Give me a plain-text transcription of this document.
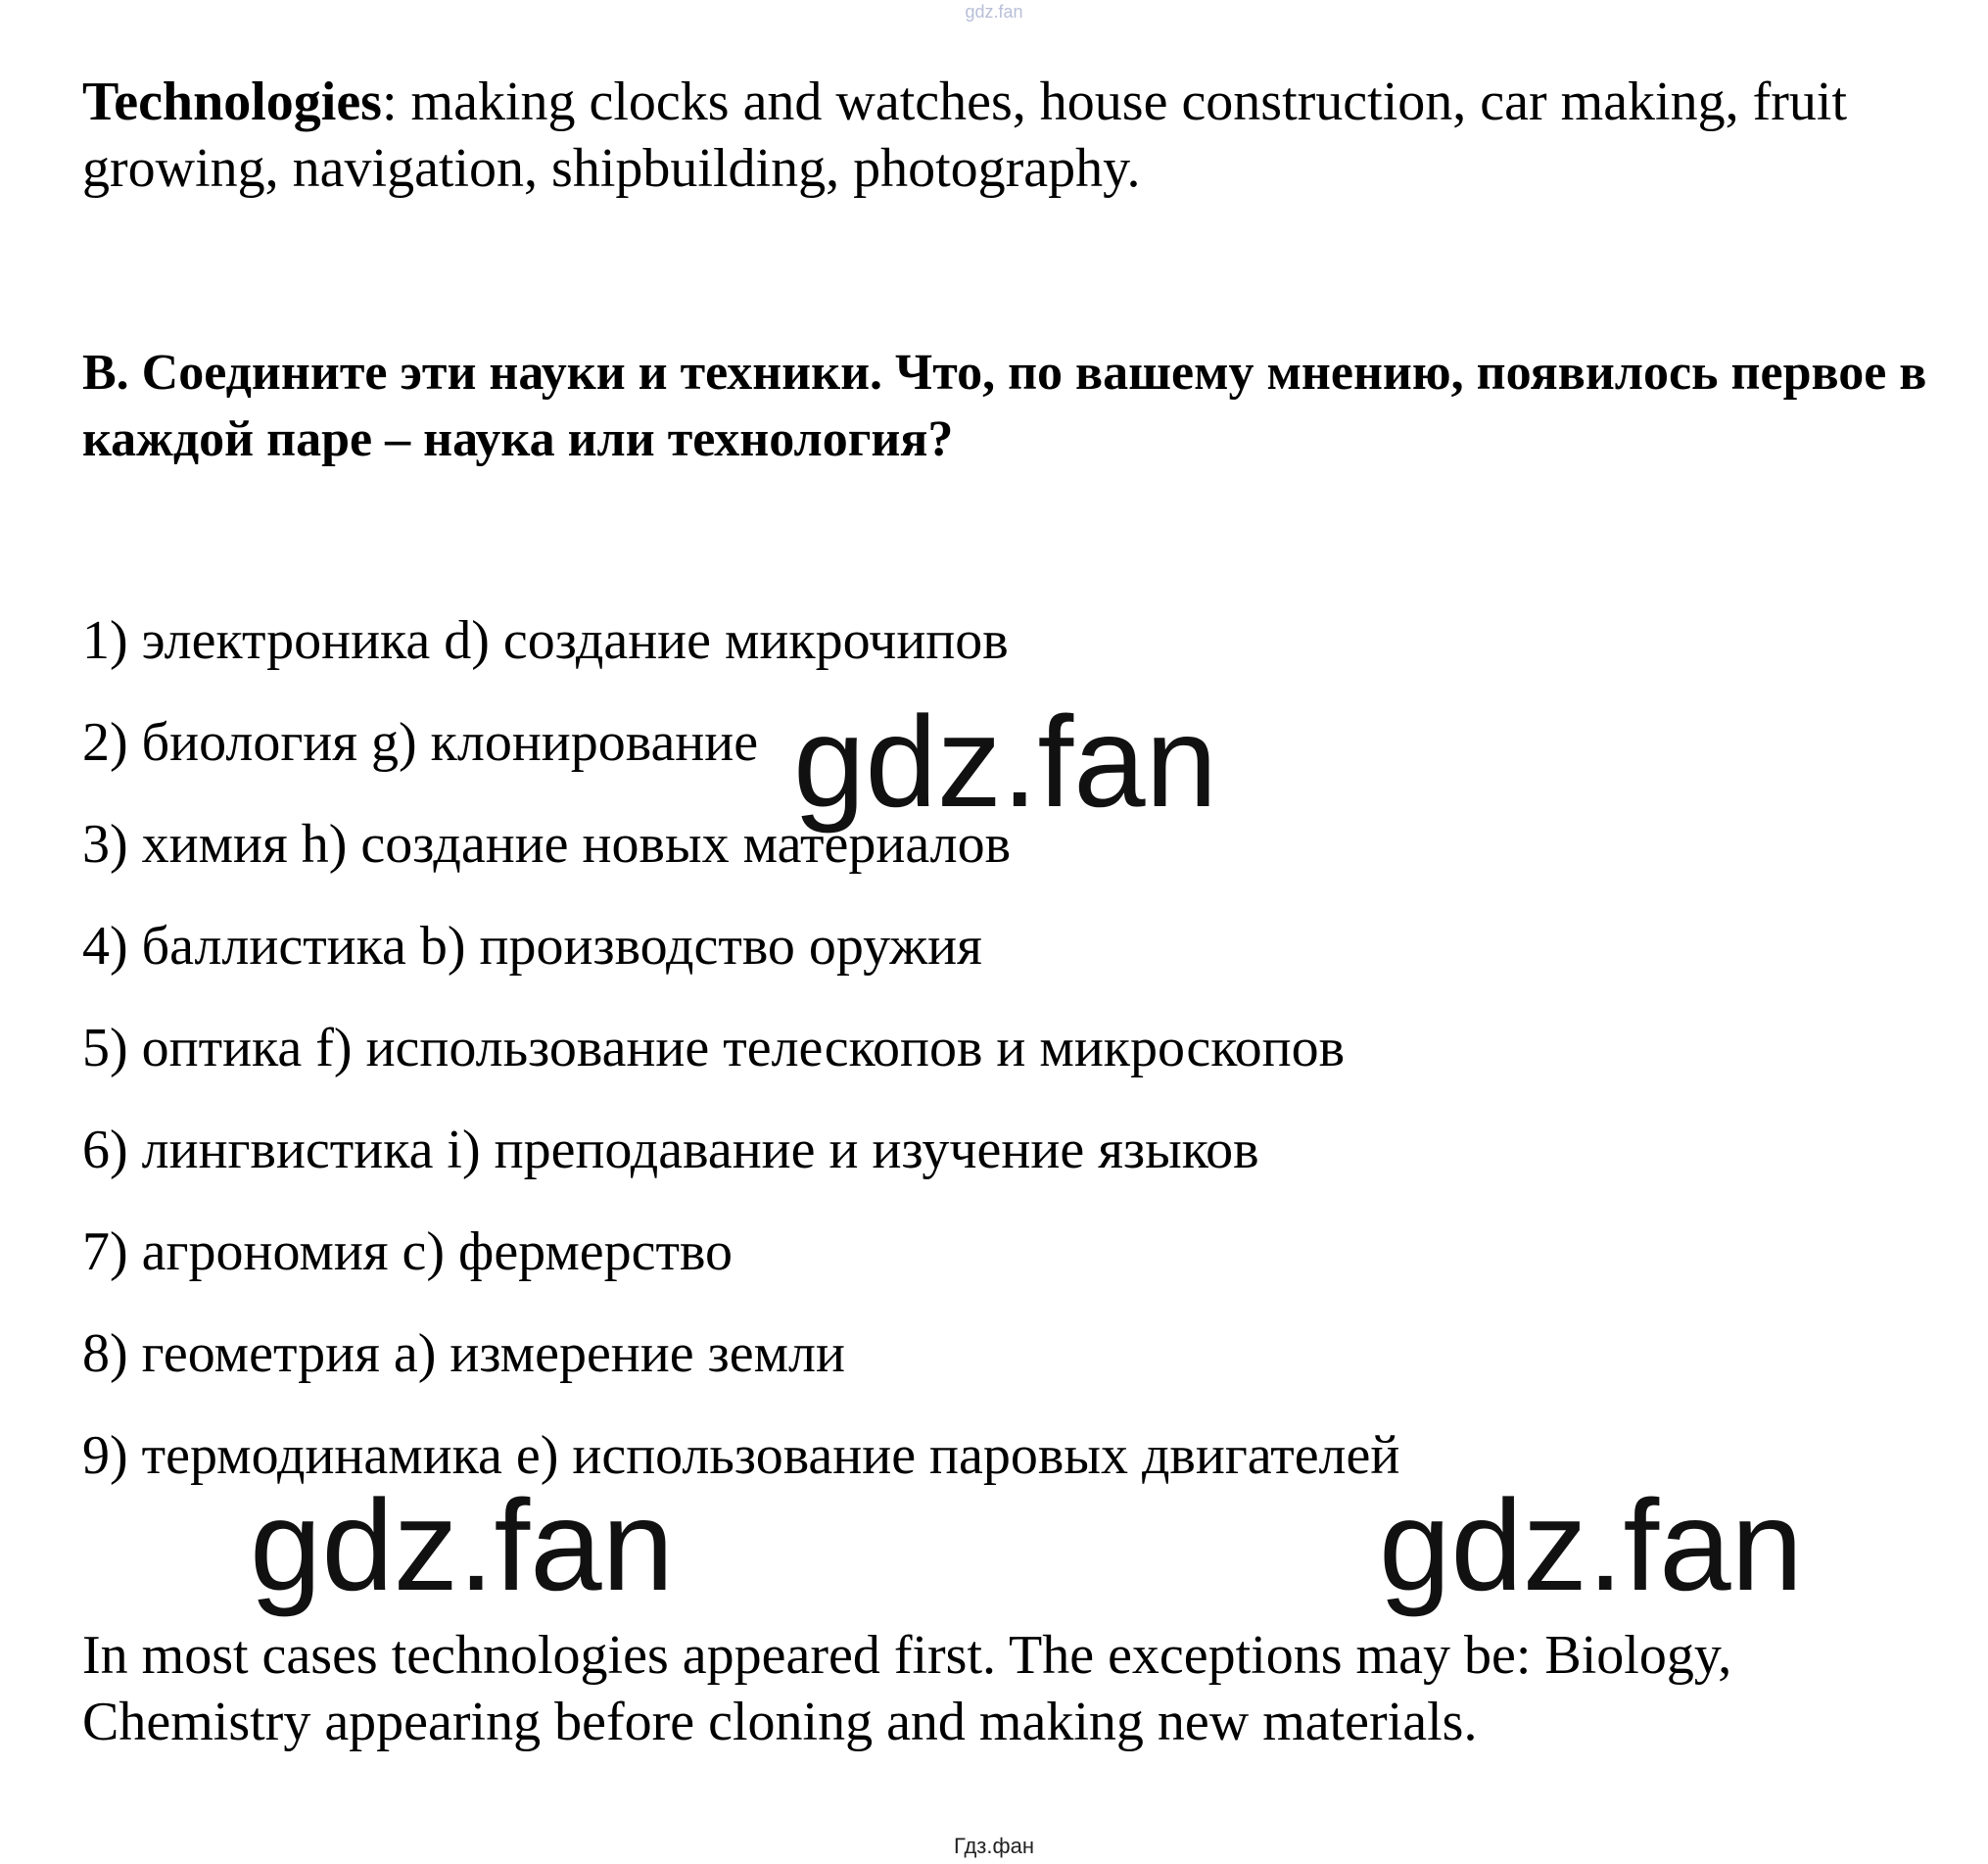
gdz.fan

Technologies: making clocks and watches, house construction, car making, fruit growing, navigation, shipbuilding, photography.

B. Соедините эти науки и техники. Что, по вашему мнению, появилось первое в каждой паре – наука или технология?

1) электроника d) создание микрочипов
2) биология g) клонирование
3) химия h) создание новых материалов
4) баллистика b) производство оружия
5) оптика f) использование телескопов и микроскопов
6) лингвистика i) преподавание и изучение языков
7) агрономия c) фермерство
8) геометрия a) измерение земли
9) термодинамика e) использование паровых двигателей
gdz.fan
gdz.fan	gdz.fan

In most cases technologies appeared first. The exceptions may be: Biology, Chemistry appearing before cloning and making new materials.

Гдз.фан
